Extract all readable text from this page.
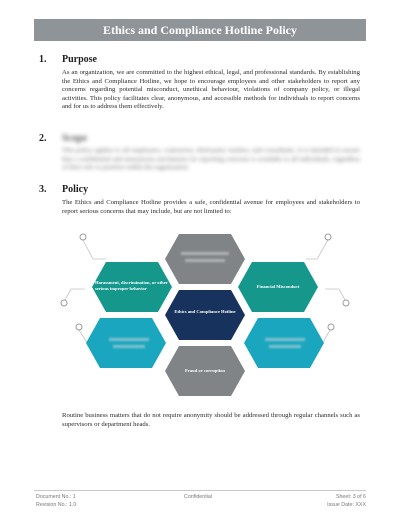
Ethics and Compliance Hotline Policy
1. Purpose
As an organization, we are committed to the highest ethical, legal, and professional standards. By establishing the Ethics and Compliance Hotline, we hope to encourage employees and other stakeholders to report any concerns regarding potential misconduct, unethical behaviour, violations of company policy, or illegal activities. This policy facilitates clear, anonymous, and accessible methods for individuals to report concerns and for us to address them effectively.
2. Scope
This policy applies to all employees, contractors, third-party vendors, and consultants. It is intended to ensure that a confidential and anonymous mechanism for reporting concerns is available to all individuals, regardless of their role or position within the organization.
3. Policy
The Ethics and Compliance Hotline provides a safe, confidential avenue for employees and stakeholders to report serious concerns that may include, but are not limited to:
Harassment, discrimination, or other serious improper behavior	Financial Misconduct
Ethics and Compliance Hotline
Fraud or corruption
Routine business matters that do not require anonymity should be addressed through regular channels such as supervisors or department heads.
Document No.: 1
Revision No.: 1.0
Confidential	Sheet: 3 of 6
Issue Date: XXX
